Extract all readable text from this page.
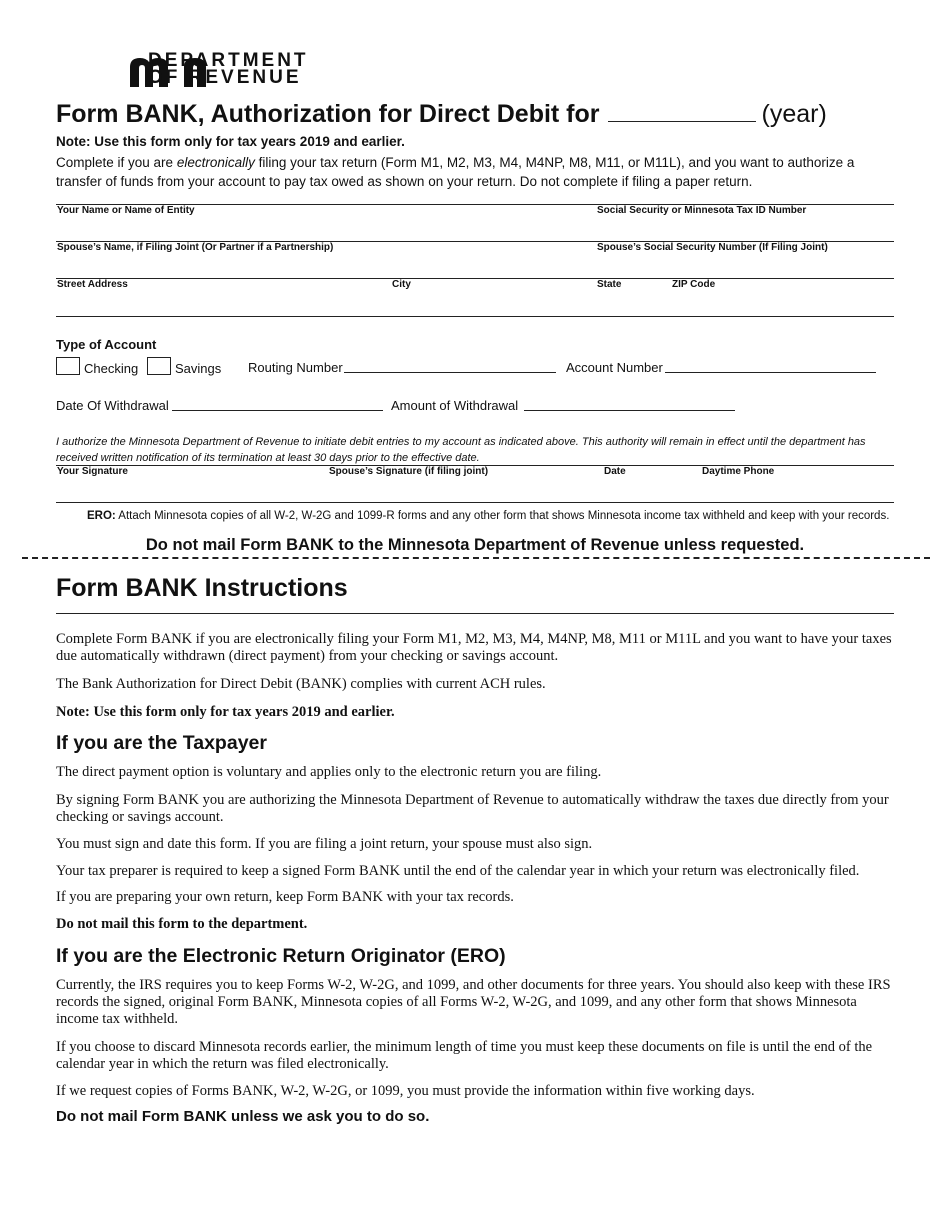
DEPARTMENT
OF REVENUE
Form BANK, Authorization for Direct Debit for	(year)
Note: Use this form only for tax years 2019 and earlier.
Complete if you are electronically filing your tax return (Form M1, M2, M3, M4, M4NP, M8, M11, or M11L), and you want to authorize a transfer of funds from your account to pay tax owed as shown on your return. Do not complete if filing a paper return.
Your Name or Name of Entity	Social Security or Minnesota Tax ID Number
Spouse’s Name, if Filing Joint (Or Partner if a Partnership)	Spouse’s Social Security Number (If Filing Joint)
Street Address	City	State	ZIP Code
Type of Account
Checking	Savings Routing Number	Account Number
Date Of Withdrawal	Amount of Withdrawal
I authorize the Minnesota Department of Revenue to initiate debit entries to my account as indicated above. This authority will remain in effect until the department has received written notification of its termination at least 30 days prior to the effective date.
Your Signature	Spouse’s Signature (if filing joint)	Date	Daytime Phone
ERO: Attach Minnesota copies of all W-2, W-2G and 1099-R forms and any other form that shows Minnesota income tax withheld and keep with your records.
Do not mail Form BANK to the Minnesota Department of Revenue unless requested.
Form BANK Instructions
Complete Form BANK if you are electronically filing your Form M1, M2, M3, M4, M4NP, M8, M11 or M11L and you want to have your taxes due automatically withdrawn (direct payment) from your checking or savings account.
The Bank Authorization for Direct Debit (BANK) complies with current ACH rules.
Note: Use this form only for tax years 2019 and earlier.
If you are the Taxpayer
The direct payment option is voluntary and applies only to the electronic return you are filing.
By signing Form BANK you are authorizing the Minnesota Department of Revenue to automatically withdraw the taxes due directly from your checking or savings account.
You must sign and date this form. If you are filing a joint return, your spouse must also sign.
Your tax preparer is required to keep a signed Form BANK until the end of the calendar year in which your return was electronically filed.
If you are preparing your own return, keep Form BANK with your tax records.
Do not mail this form to the department.
If you are the Electronic Return Originator (ERO)
Currently, the IRS requires you to keep Forms W-2, W-2G, and 1099, and other documents for three years. You should also keep with these IRS records the signed, original Form BANK, Minnesota copies of all Forms W-2, W-2G, and 1099, and any other form that shows Minnesota income tax withheld.
If you choose to discard Minnesota records earlier, the minimum length of time you must keep these documents on file is until the end of the calendar year in which the return was filed electronically.
If we request copies of Forms BANK, W-2, W-2G, or 1099, you must provide the information within five working days.
Do not mail Form BANK unless we ask you to do so.
